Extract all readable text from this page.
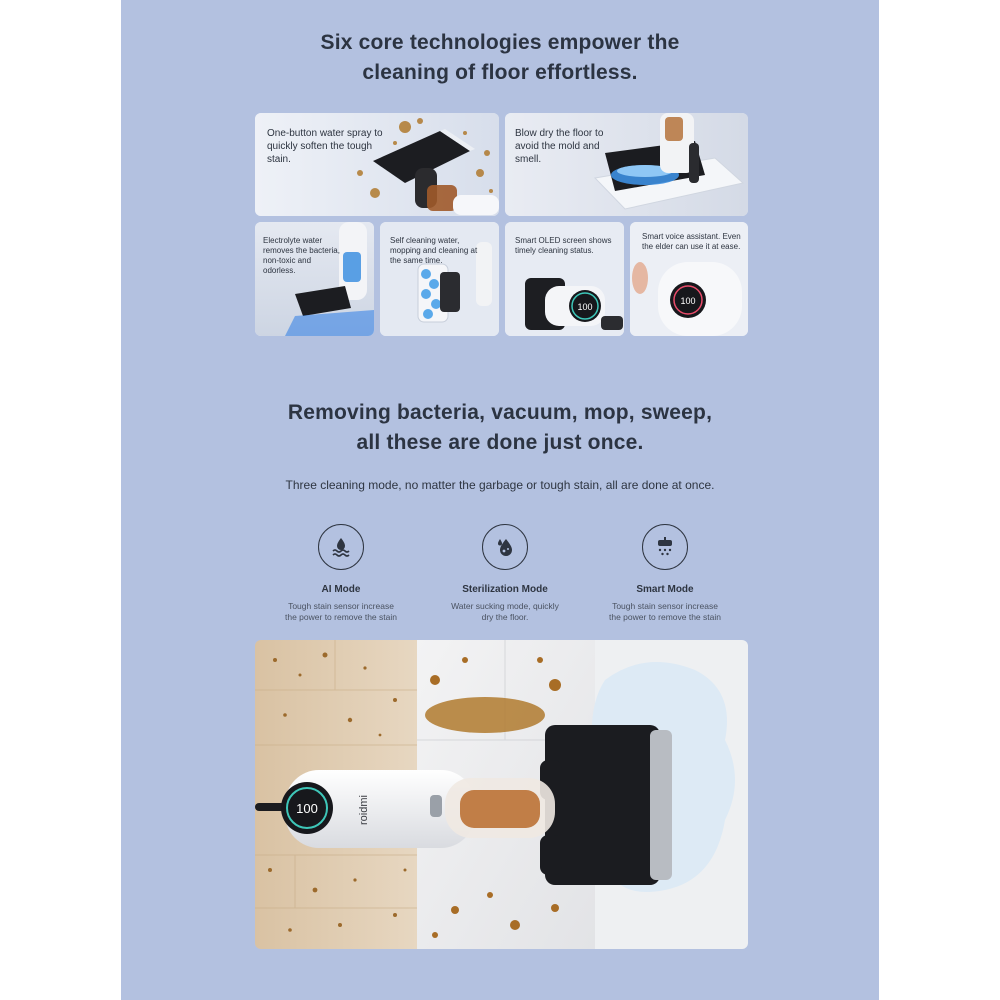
Six core technologies empower the
cleaning of floor effortless.
One-button water spray to quickly soften the tough stain.
Blow dry the floor to avoid the mold and smell.
Electrolyte water removes the bacteria, non-toxic and odorless.
Self cleaning water, mopping and cleaning at the same time.
100
Smart OLED screen shows timely cleaning status.
100
Smart voice assistant. Even the elder can use it at ease.
Removing bacteria, vacuum, mop, sweep,
all these are done just once.
Three cleaning mode, no matter the garbage or tough stain, all are done at once.
AI Mode
Tough stain sensor increase
the power to remove the stain
Sterilization Mode
Water sucking mode, quickly
dry the floor.
Smart Mode
Tough stain sensor increase
the power to remove the stain
100	roidmi
